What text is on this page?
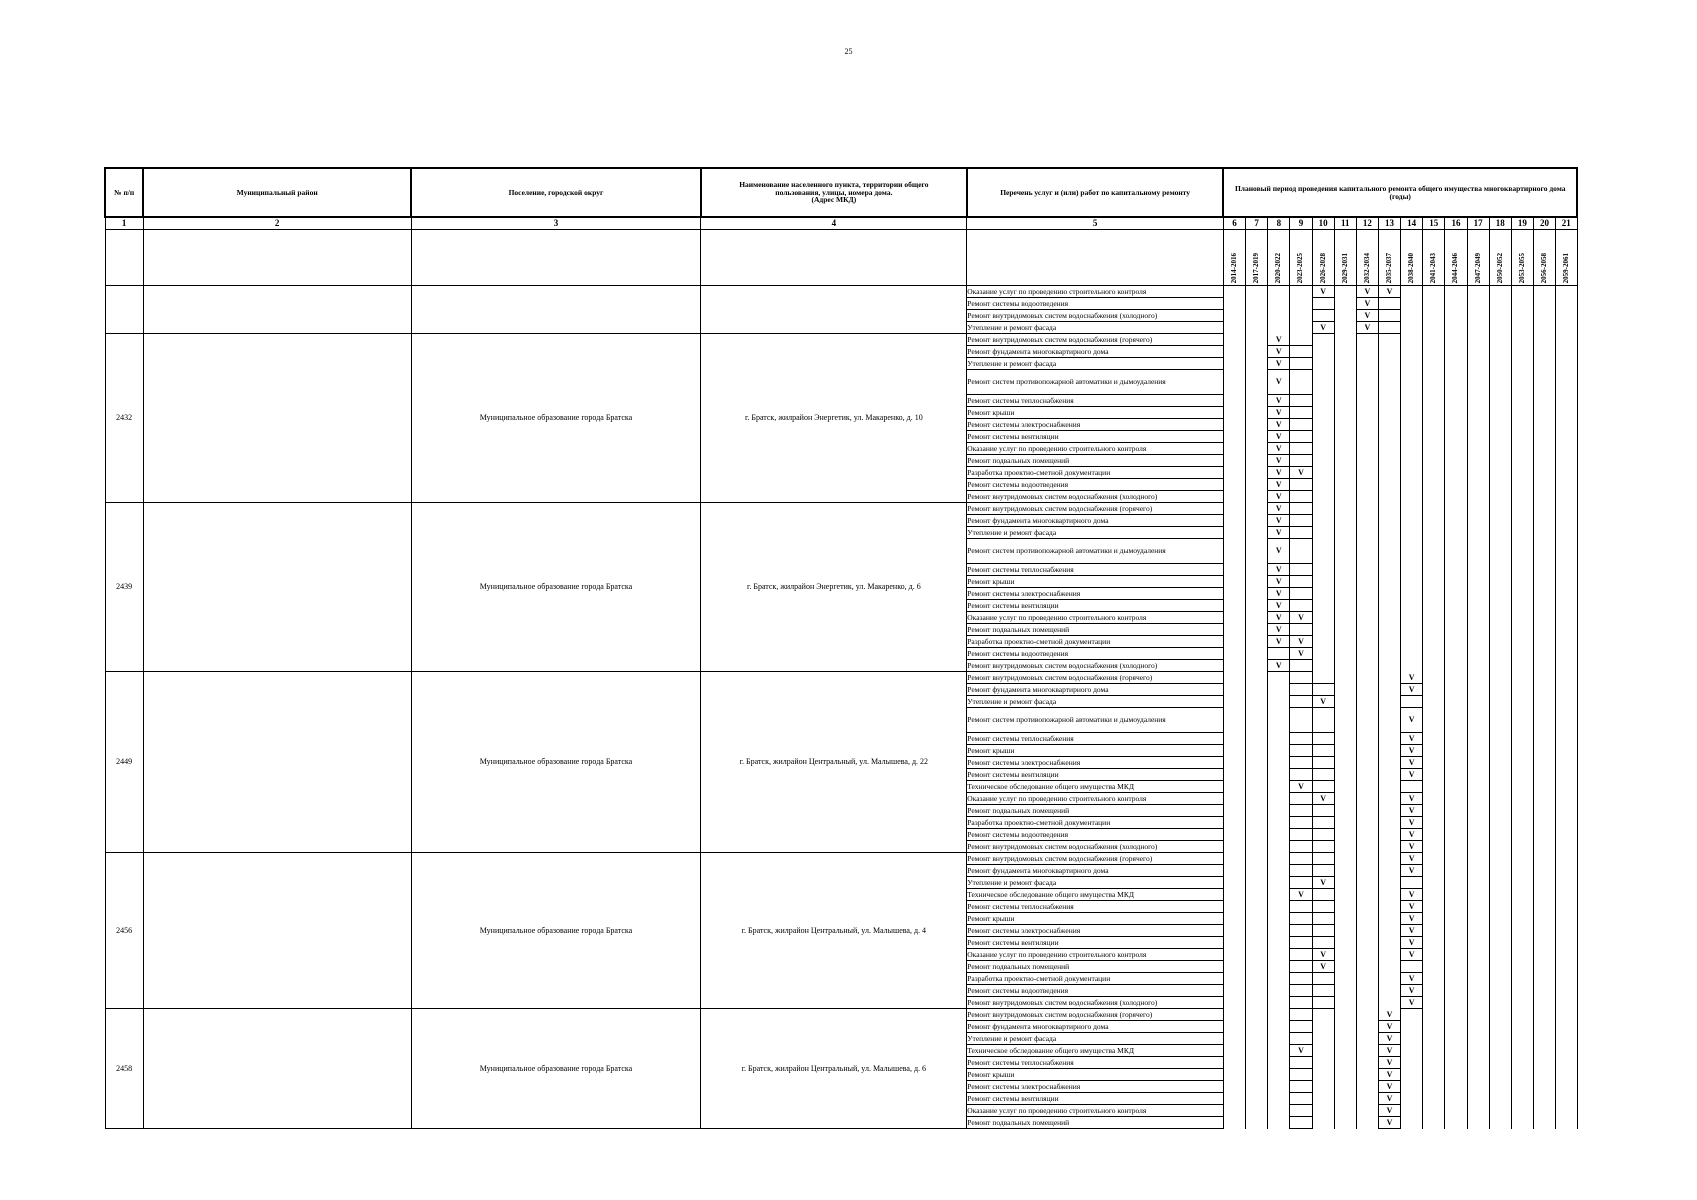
25
№ п/п	Муниципальный район	Поселение, городской округ	Наименование населенного пункта, территории общего
пользования, улицы, номера дома.
(Адрес МКД)	Перечень услуг и (или) работ по капитальному ремонту	Плановый период проведения капитального ремонта общего имущества многоквартирного дома (годы)															
1	2	3	4	5	6	7	8	9	10	11	12	13	14	15	16	17	18	19	20	21
					2014-2016	2017-2019	2020-2022	2023-2025	2026-2028	2029-2031	2032-2034	2035-2037	2038-2040	2041-2043	2044-2046	2047-2049	2050-2052	2053-2055	2056-2058	2059-2061
				Оказание услуг по проведению строительного контроля					V		V	V								
				Ремонт системы водоотведения							V									
				Ремонт внутридомовых систем водоснабжения (холодного)							V									
				Утепление и ремонт фасада					V		V									
2432		Муниципальное образование города Братска	г. Братск, жилрайон Энергетик, ул. Макаренко, д. 10	Ремонт внутридомовых систем водоснабжения (горячего)			V													
				Ремонт фундамента многоквартирного дома			V													
				Утепление и ремонт фасада			V													
				Ремонт систем противопожарной автоматики и дымоудаления			V													
				Ремонт системы теплоснабжения			V													
				Ремонт крыши			V													
				Ремонт системы электроснабжения			V													
				Ремонт системы вентиляции			V													
				Оказание услуг по проведению строительного контроля			V													
				Ремонт подвальных помещений			V													
				Разработка проектно-сметной документации			V	V												
				Ремонт системы водоотведения			V													
				Ремонт внутридомовых систем водоснабжения (холодного)			V													
2439		Муниципальное образование города Братска	г. Братск, жилрайон Энергетик, ул. Макаренко, д. 6	Ремонт внутридомовых систем водоснабжения (горячего)			V													
				Ремонт фундамента многоквартирного дома			V													
				Утепление и ремонт фасада			V													
				Ремонт систем противопожарной автоматики и дымоудаления			V													
				Ремонт системы теплоснабжения			V													
				Ремонт крыши			V													
				Ремонт системы электроснабжения			V													
				Ремонт системы вентиляции			V													
				Оказание услуг по проведению строительного контроля			V	V												
				Ремонт подвальных помещений			V													
				Разработка проектно-сметной документации			V	V												
				Ремонт системы водоотведения				V												
				Ремонт внутридомовых систем водоснабжения (холодного)			V													
2449		Муниципальное образование города Братска	г. Братск, жилрайон Центральный, ул. Малышева, д. 22	Ремонт внутридомовых систем водоснабжения (горячего)									V							
				Ремонт фундамента многоквартирного дома									V							
				Утепление и ремонт фасада					V											
				Ремонт систем противопожарной автоматики и дымоудаления									V							
				Ремонт системы теплоснабжения									V							
				Ремонт крыши									V							
				Ремонт системы электроснабжения									V							
				Ремонт системы вентиляции									V							
				Техническое обследование общего имущества МКД				V												
				Оказание услуг по проведению строительного контроля					V				V							
				Ремонт подвальных помещений									V							
				Разработка проектно-сметной документации									V							
				Ремонт системы водоотведения									V							
				Ремонт внутридомовых систем водоснабжения (холодного)									V							
2456		Муниципальное образование города Братска	г. Братск, жилрайон Центральный, ул. Малышева, д. 4	Ремонт внутридомовых систем водоснабжения (горячего)									V							
				Ремонт фундамента многоквартирного дома									V							
				Утепление и ремонт фасада					V											
				Техническое обследование общего имущества МКД				V					V							
				Ремонт системы теплоснабжения									V							
				Ремонт крыши									V							
				Ремонт системы электроснабжения									V							
				Ремонт системы вентиляции									V							
				Оказание услуг по проведению строительного контроля					V				V							
				Ремонт подвальных помещений					V											
				Разработка проектно-сметной документации									V							
				Ремонт системы водоотведения									V							
				Ремонт внутридомовых систем водоснабжения (холодного)									V							
2458		Муниципальное образование города Братска	г. Братск, жилрайон Центральный, ул. Малышева, д. 6	Ремонт внутридомовых систем водоснабжения (горячего)								V								
				Ремонт фундамента многоквартирного дома								V								
				Утепление и ремонт фасада								V								
				Техническое обследование общего имущества МКД				V				V								
				Ремонт системы теплоснабжения								V								
				Ремонт крыши								V								
				Ремонт системы электроснабжения								V								
				Ремонт системы вентиляции								V								
				Оказание услуг по проведению строительного контроля								V								
				Ремонт подвальных помещений								V								
